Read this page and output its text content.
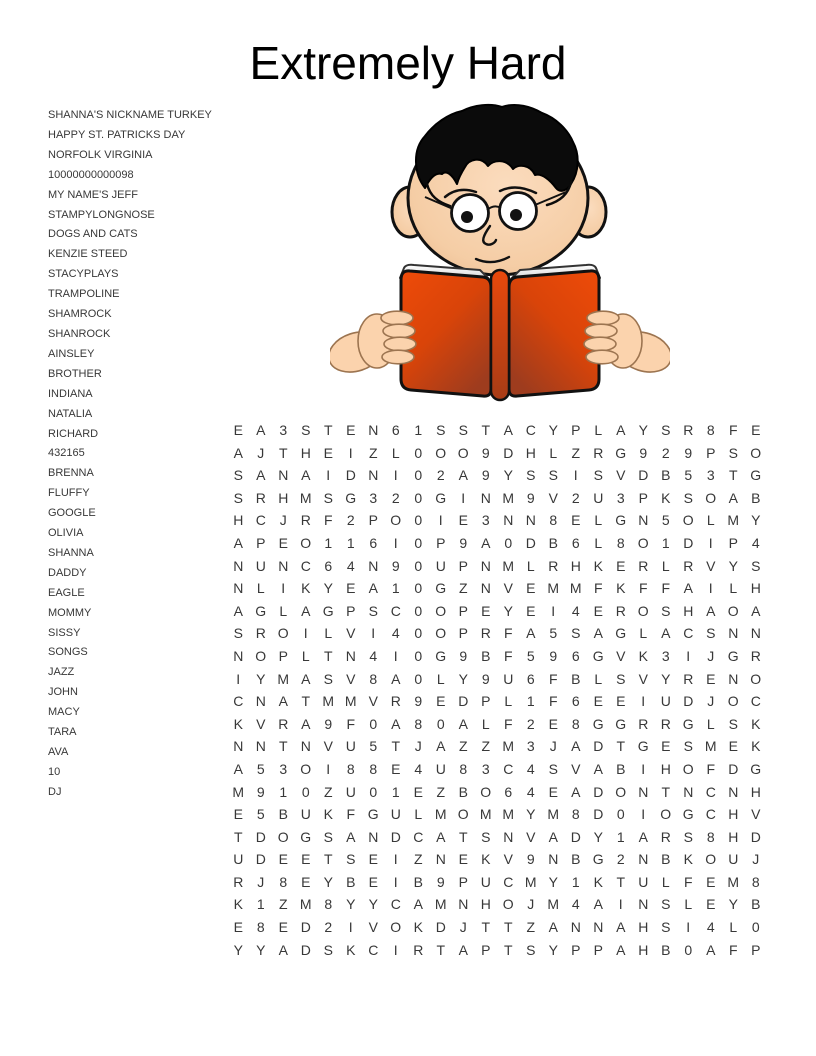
Extremely Hard
SHANNA'S NICKNAME TURKEY
HAPPY ST. PATRICKS DAY
NORFOLK VIRGINIA
10000000000098
MY NAME'S JEFF
STAMPYLONGNOSE
DOGS AND CATS
KENZIE STEED
STACYPLAYS
TRAMPOLINE
SHAMROCK
SHANROCK
AINSLEY
BROTHER
INDIANA
NATALIA
RICHARD
432165
BRENNA
FLUFFY
GOOGLE
OLIVIA
SHANNA
DADDY
EAGLE
MOMMY
SISSY
SONGS
JAZZ
JOHN
MACY
TARA
AVA
10
DJ
E A 3 S T E N 6	1 S S T A C Y P L A Y S R 8	F E
A	J	T H E	I	Z	L	0 O O 9 D H L	Z R G 9	2	9 P S O
S A N A	I	D N	I	0	2 A 9 Y S S	I	S V D B 5	3	T G
S R H M S G 3	2	0 G	I	N M 9 V 2 U 3 P K S O A B
H C J R F	2 P O 0	I	E 3 N N 8 E L G N 5 O L M Y
A P E O 1	1	6	I	0 P 9 A 0 D B 6	L	8 O 1 D	I	P 4
N U N C 6	4 N 9	0 U P N M L R H K E R L R V Y S
N L	I	K Y E A 1	0 G Z N V E M M F K F F A	I	L H
A G L A G P S C 0 O P E Y E	I	4 E R O S H A O A
S R O	I	L V	I	4	0 O P R F A 5 S A G L A C S N N
N O P L	T N 4	I	0 G 9 B F	5	9	6 G V K 3	I	J G R
I	Y M A S V 8 A 0	L Y 9 U 6	F B L S V Y R E N O
C N A T M M V R 9 E D P L	1	F	6 E E	I	U D J O C
K V R A 9	F	0 A 8	0 A L	F	2 E 8 G G R R G L S K
N N T N V U 5	T	J	A Z Z M 3	J	A D T G E S M E K
A 5	3 O	I	8	8 E 4 U 8	3 C 4 S V A B	I	H O F D G
M 9	1	0	Z U 0	1 E Z B O 6	4 E A D O N T N C N H
E 5 B U K F G U L M O M M Y M 8 D 0	I	O G C H V
T D O G S A N D C A T S N V A D Y 1 A R S 8 H D
U D E E T S E	I	Z N E K V 9 N B G 2 N B K O U J
R J	8 E Y B E	I	B 9 P U C M Y 1 K T U L	F E M 8
K 1	Z M 8 Y Y C A M N H O J M 4 A	I	N S L E Y B
E 8 E D 2	I	V O K D J	T T Z A N N A H S	I	4	L	0
Y Y A D S K C	I	R T A P T S Y P P A H B 0 A F P
